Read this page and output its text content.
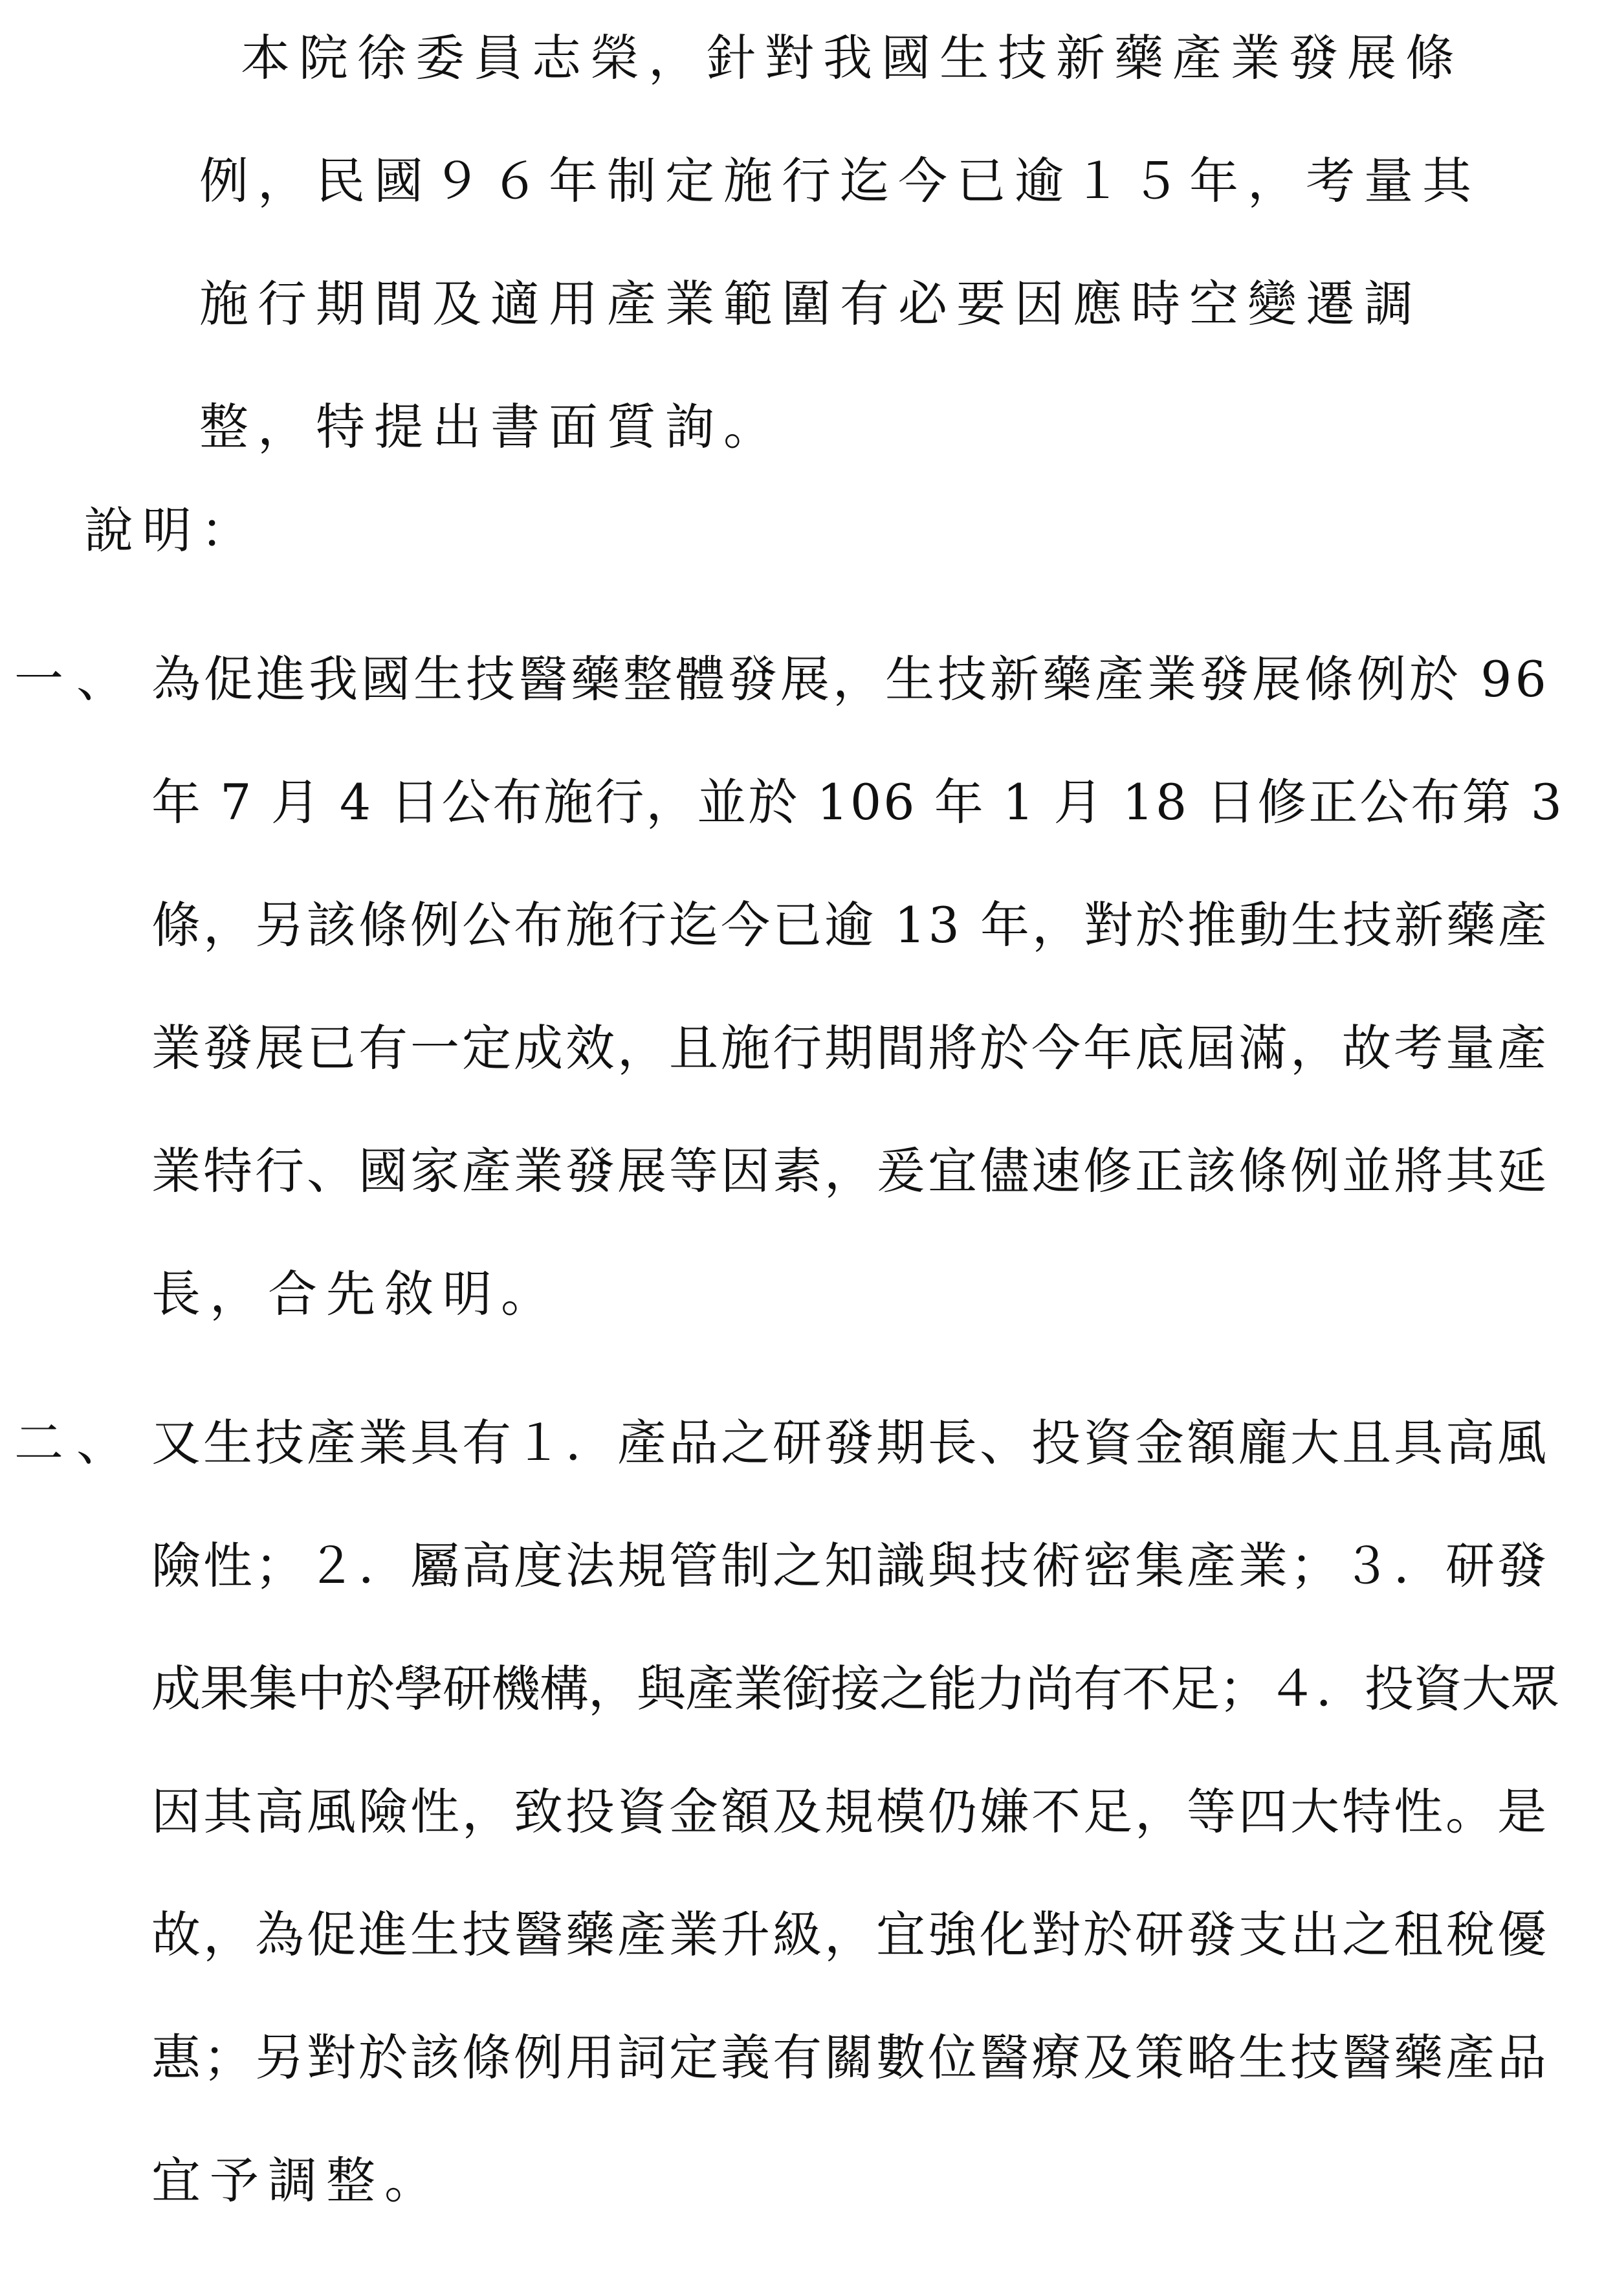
本院徐委員志榮，針對我國生技新藥產業發展條

例，民國９６年制定施行迄今已逾１５年，考量其

施行期間及適用產業範圍有必要因應時空變遷調

整，特提出書面質詢。

說明：

一、 為促進我國生技醫藥整體發展，生技新藥產業發展條例於 96

年 7 月 4 日公布施行，並於 106 年 1 月 18 日修正公布第 3

條，另該條例公布施行迄今已逾 13 年，對於推動生技新藥產

業發展已有一定成效，且施行期間將於今年底屆滿，故考量產

業特行、國家產業發展等因素，爰宜儘速修正該條例並將其延

長，合先敘明。

二、 又生技產業具有１．產品之研發期長、投資金額龐大且具高風

險性；２．屬高度法規管制之知識與技術密集產業；３．研發

成果集中於學研機構，與產業銜接之能力尚有不足；４．投資大眾

因其高風險性，致投資金額及規模仍嫌不足，等四大特性。是

故，為促進生技醫藥產業升級，宜強化對於研發支出之租稅優

惠；另對於該條例用詞定義有關數位醫療及策略生技醫藥產品

宜予調整。
